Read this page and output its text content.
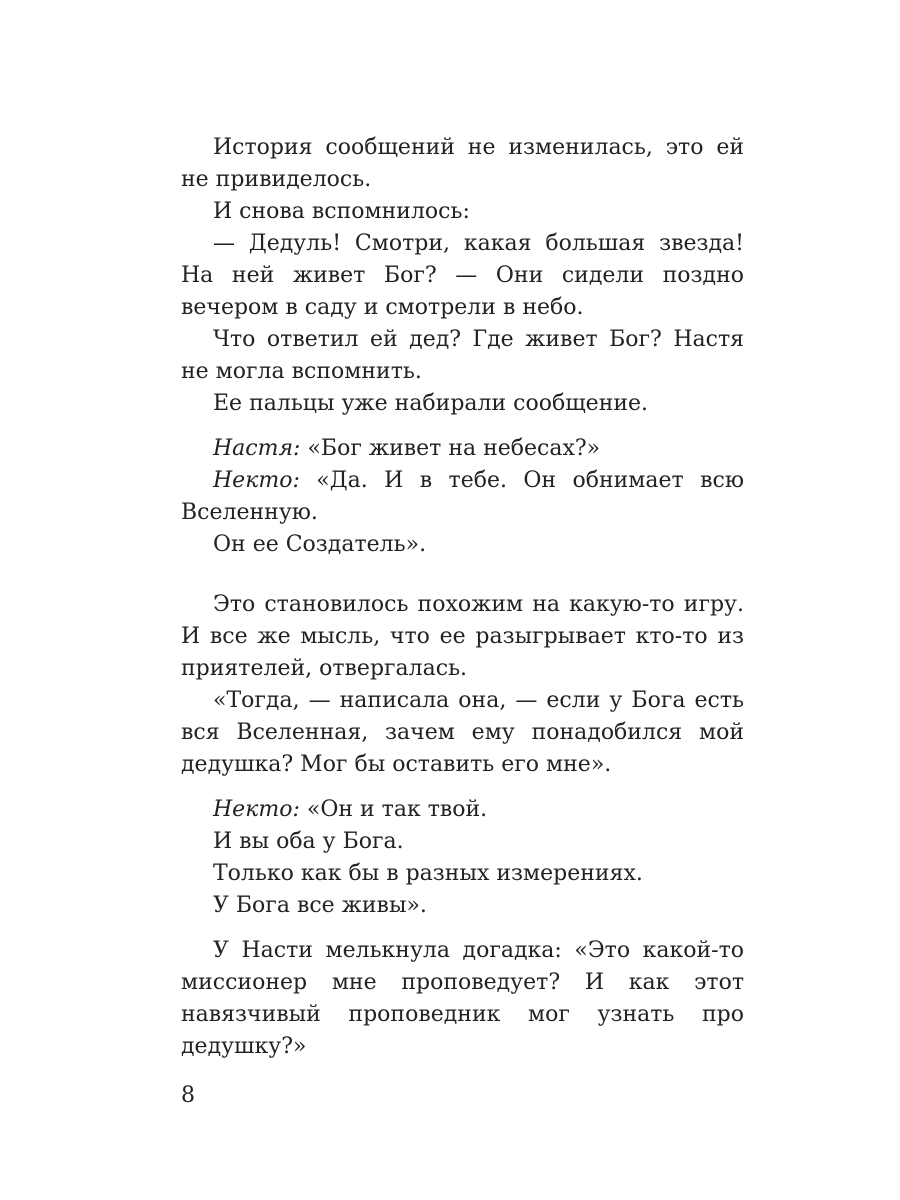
История сообщений не изменилась, это ей не привиделось.

И снова вспомнилось:

— Дедуль! Смотри, какая большая звезда! На ней живет Бог? — Они сидели поздно вечером в саду и смотрели в небо.

Что ответил ей дед? Где живет Бог? Настя не могла вспомнить.

Ее пальцы уже набирали сообщение.

Настя: «Бог живет на небесах?»

Некто: «Да. И в тебе. Он обнимает всю Вселенную.

Он ее Создатель».

Это становилось похожим на какую-то игру. И все же мысль, что ее разыгрывает кто-то из приятелей, отвергалась.

«Тогда, — написала она, — если у Бога есть вся Вселенная, зачем ему понадобился мой дедушка? Мог бы оставить его мне».

Некто: «Он и так твой.

И вы оба у Бога.

Только как бы в разных измерениях.

У Бога все живы».

У Насти мелькнула догадка: «Это какой-то миссионер мне проповедует? И как этот навязчивый проповедник мог узнать про дедушку?»

8
